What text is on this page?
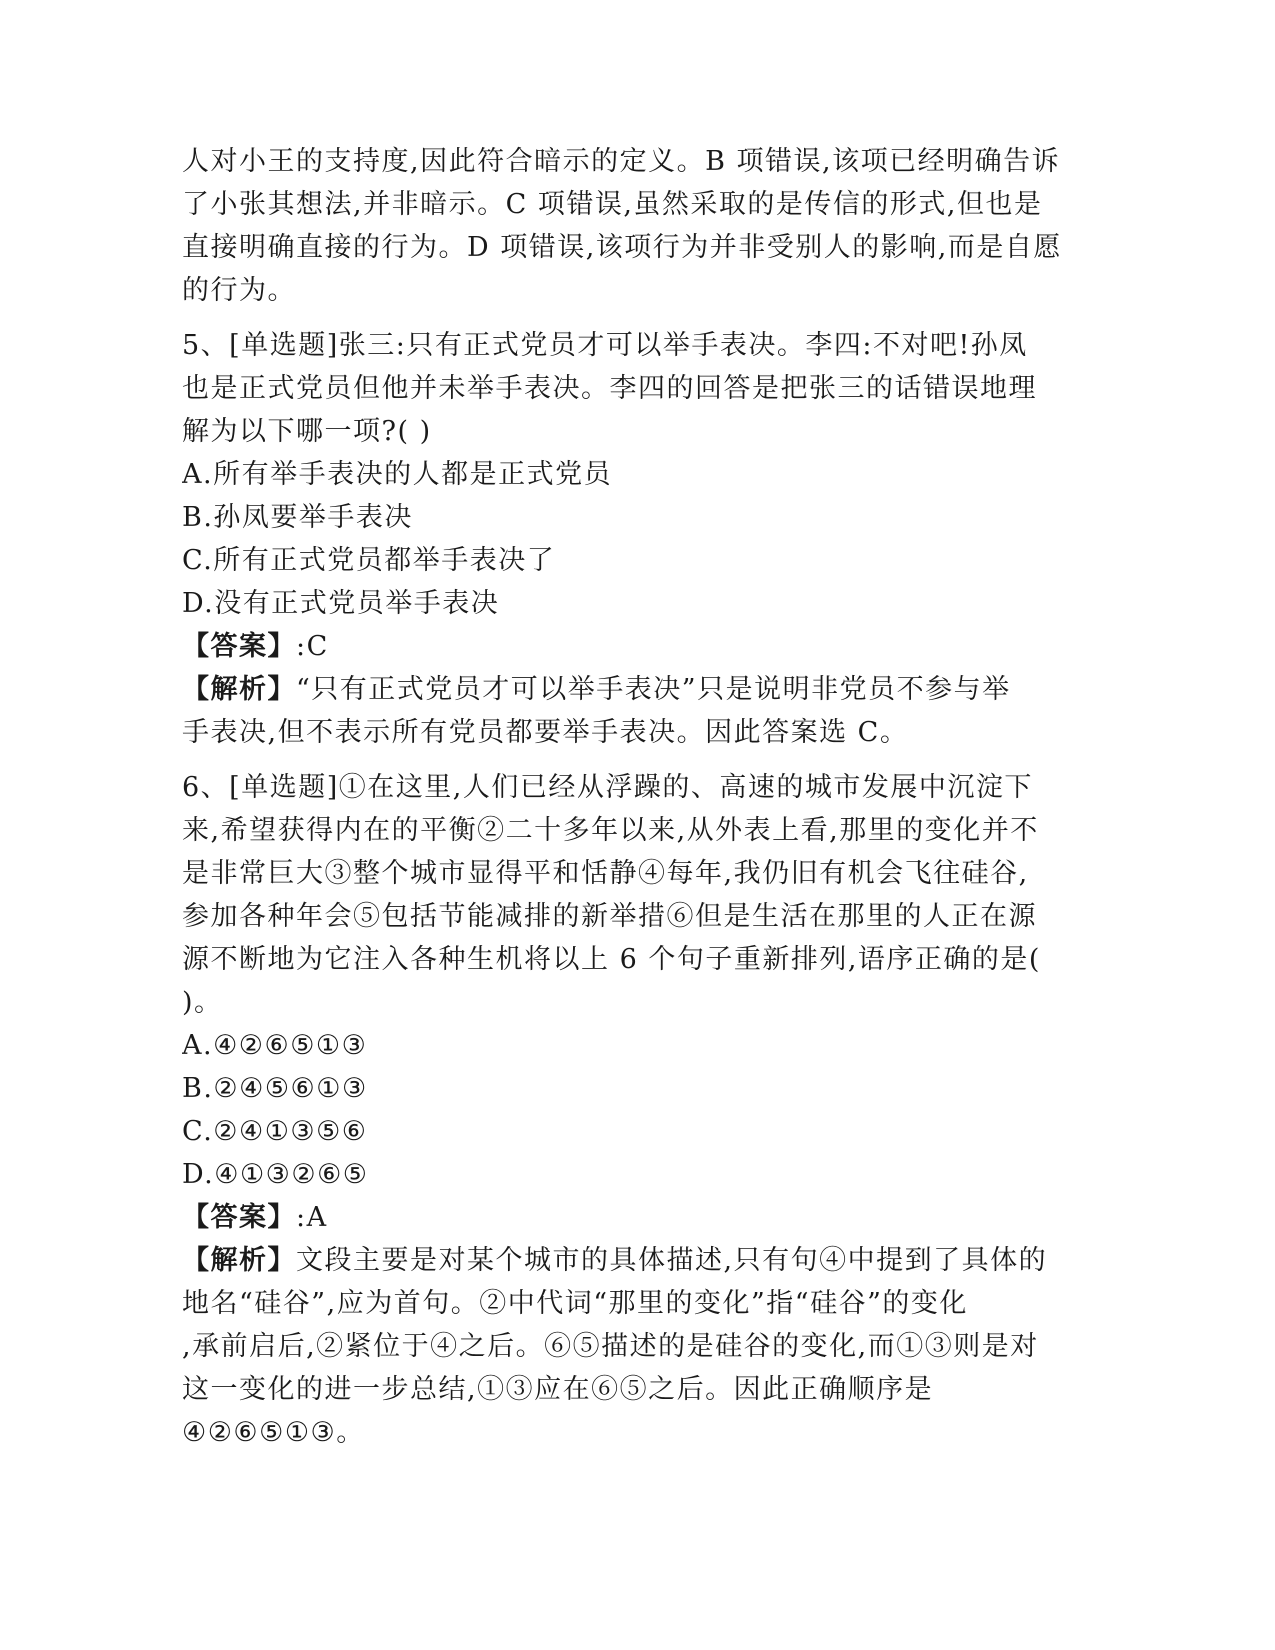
人对小王的支持度,因此符合暗示的定义。B 项错误,该项已经明确告诉
了小张其想法,并非暗示。C 项错误,虽然采取的是传信的形式,但也是
直接明确直接的行为。D 项错误,该项行为并非受别人的影响,而是自愿
的行为。
5、[单选题]张三:只有正式党员才可以举手表决。李四:不对吧!孙凤
也是正式党员但他并未举手表决。李四的回答是把张三的话错误地理
解为以下哪一项?( )
A.所有举手表决的人都是正式党员
B.孙凤要举手表决
C.所有正式党员都举手表决了
D.没有正式党员举手表决
【答案】:C
【解析】“只有正式党员才可以举手表决”只是说明非党员不参与举
手表决,但不表示所有党员都要举手表决。因此答案选 C。
6、[单选题]①在这里,人们已经从浮躁的、高速的城市发展中沉淀下
来,希望获得内在的平衡②二十多年以来,从外表上看,那里的变化并不
是非常巨大③整个城市显得平和恬静④每年,我仍旧有机会飞往硅谷,
参加各种年会⑤包括节能减排的新举措⑥但是生活在那里的人正在源
源不断地为它注入各种生机将以上 6 个句子重新排列,语序正确的是(
)。
A.④②⑥⑤①③
B.②④⑤⑥①③
C.②④①③⑤⑥
D.④①③②⑥⑤
【答案】:A
【解析】文段主要是对某个城市的具体描述,只有句④中提到了具体的
地名“硅谷”,应为首句。②中代词“那里的变化”指“硅谷”的变化
,承前启后,②紧位于④之后。⑥⑤描述的是硅谷的变化,而①③则是对
这一变化的进一步总结,①③应在⑥⑤之后。因此正确顺序是
④②⑥⑤①③。
